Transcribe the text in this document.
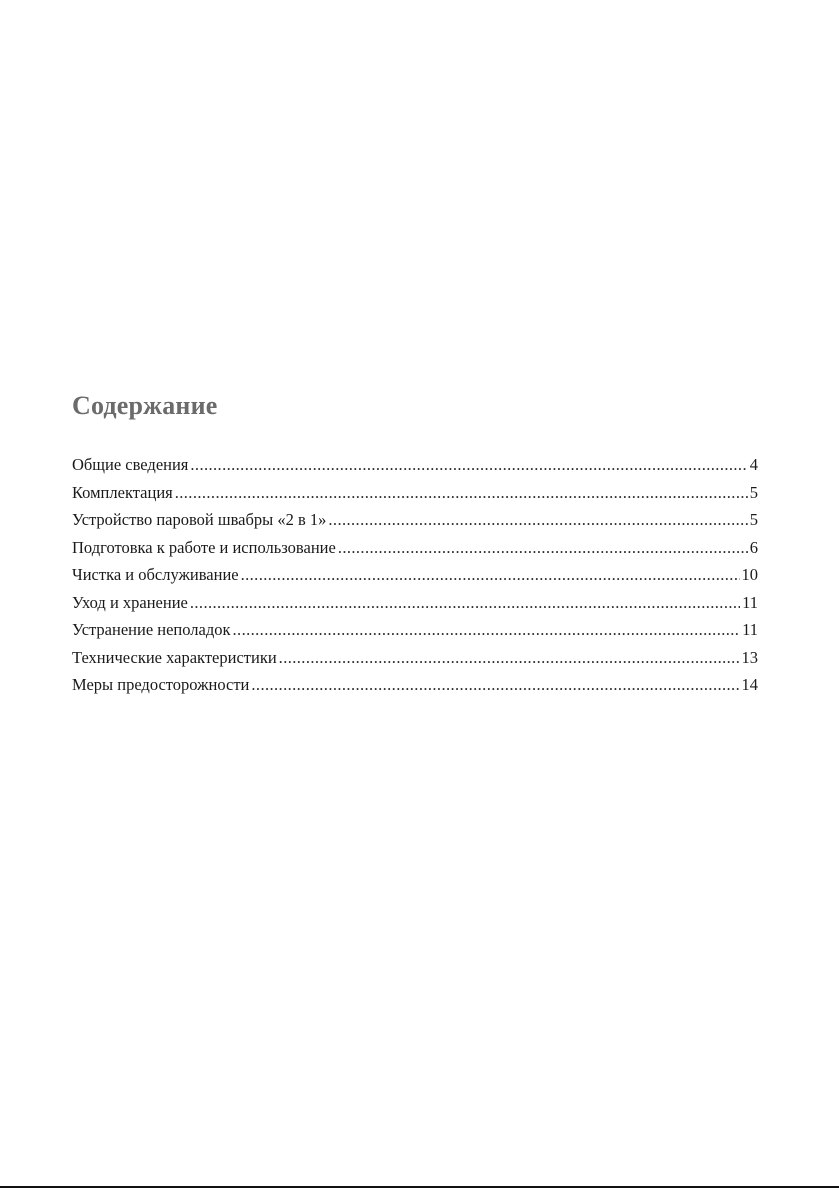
Содержание
Общие сведения .....	4
Комплектация .....	5
Устройство паровой швабры «2 в 1» .....	5
Подготовка к работе и использование .....	6
Чистка и обслуживание .....	10
Уход и хранение .....	11
Устранение неполадок .....	11
Технические характеристики .....	13
Меры предосторожности .....	14
